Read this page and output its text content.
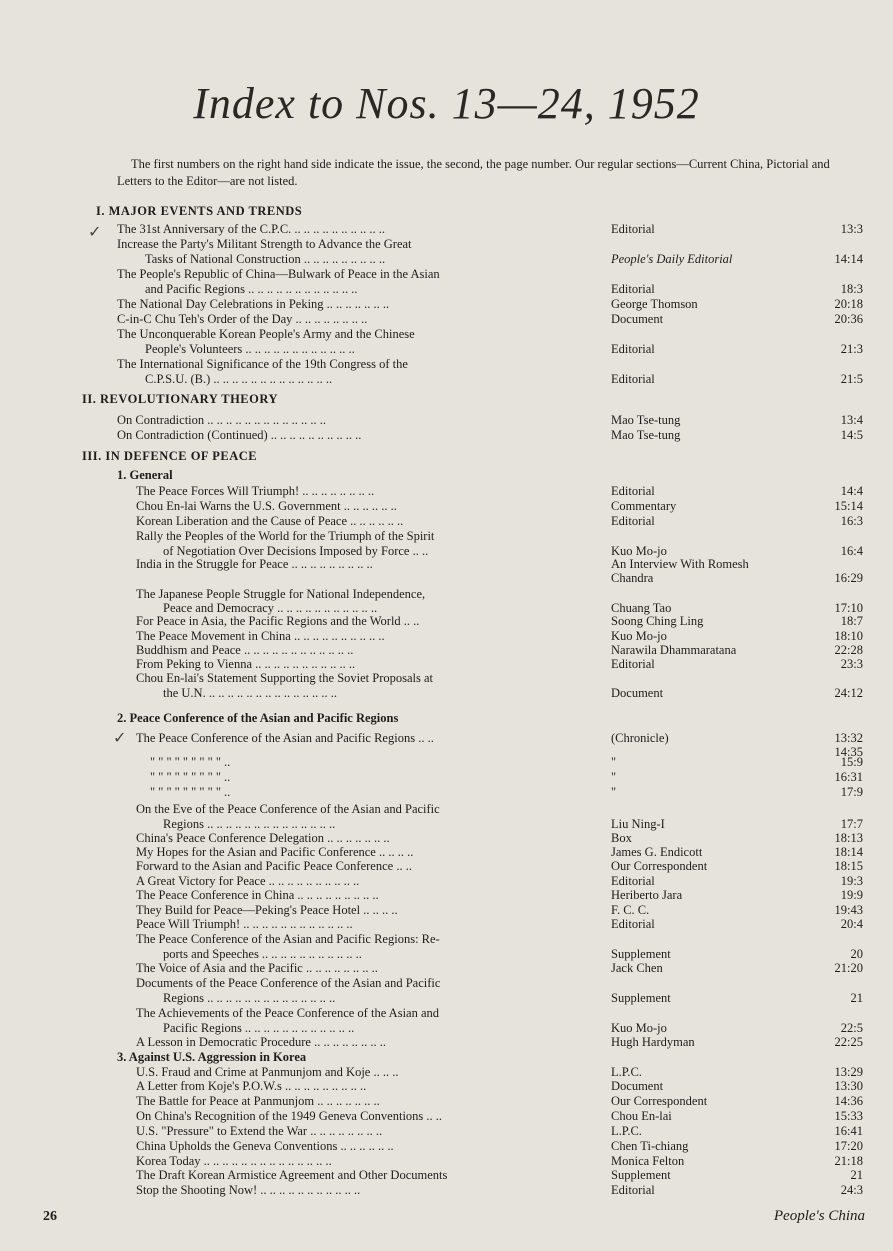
Index to Nos. 13—24, 1952
The first numbers on the right hand side indicate the issue, the second, the page number. Our regular sections—Current China, Pictorial and Letters to the Editor—are not listed.
I. MAJOR EVENTS AND TRENDS
II. REVOLUTIONARY THEORY
III. IN DEFENCE OF PEACE
1. General
2. Peace Conference of the Asian and Pacific Regions
3. Against U.S. Aggression in Korea
✓
✓
The 31st Anniversary of the C.P.C. .. .. .. .. .. .. .. .. .. ..	Editorial	13:3
Increase the Party's Militant Strength to Advance the Great
Tasks of National Construction .. .. .. .. .. .. .. .. ..	People's Daily Editorial	14:14
The People's Republic of China—Bulwark of Peace in the Asian
and Pacific Regions .. .. .. .. .. .. .. .. .. .. .. ..	Editorial	18:3
The National Day Celebrations in Peking .. .. .. .. .. .. ..	George Thomson	20:18
C-in-C Chu Teh's Order of the Day .. .. .. .. .. .. .. ..	Document	20:36
The Unconquerable Korean People's Army and the Chinese
People's Volunteers .. .. .. .. .. .. .. .. .. .. .. ..	Editorial	21:3
The International Significance of the 19th Congress of the
C.P.S.U. (B.) .. .. .. .. .. .. .. .. .. .. .. .. ..	Editorial	21:5
On Contradiction .. .. .. .. .. .. .. .. .. .. .. .. ..	Mao Tse-tung	13:4
On Contradiction (Continued) .. .. .. .. .. .. .. .. .. ..	Mao Tse-tung	14:5
The Peace Forces Will Triumph! .. .. .. .. .. .. .. ..	Editorial	14:4
Chou En-lai Warns the U.S. Government .. .. .. .. .. ..	Commentary	15:14
Korean Liberation and the Cause of Peace .. .. .. .. .. ..	Editorial	16:3
Rally the Peoples of the World for the Triumph of the Spirit
of Negotiation Over Decisions Imposed by Force .. ..	Kuo Mo-jo	16:4
India in the Struggle for Peace .. .. .. .. .. .. .. .. ..	An Interview With Romesh
Chandra	16:29
The Japanese People Struggle for National Independence,
Peace and Democracy .. .. .. .. .. .. .. .. .. .. ..	Chuang Tao	17:10
For Peace in Asia, the Pacific Regions and the World .. ..	Soong Ching Ling	18:7
The Peace Movement in China .. .. .. .. .. .. .. .. .. ..	Kuo Mo-jo	18:10
Buddhism and Peace .. .. .. .. .. .. .. .. .. .. .. ..	Narawila Dhammaratana	22:28
From Peking to Vienna .. .. .. .. .. .. .. .. .. .. ..	Editorial	23:3
Chou En-lai's Statement Supporting the Soviet Proposals at
the U.N. .. .. .. .. .. .. .. .. .. .. .. .. .. ..	Document	24:12
The Peace Conference of the Asian and Pacific Regions .. ..	(Chronicle)	13:32
14:35
" " " " " " " " " ..	"	15:9
" " " " " " " " " ..	"	16:31
" " " " " " " " " ..	"	17:9
On the Eve of the Peace Conference of the Asian and Pacific
Regions .. .. .. .. .. .. .. .. .. .. .. .. .. ..	Liu Ning-I	17:7
China's Peace Conference Delegation .. .. .. .. .. .. ..	Box	18:13
My Hopes for the Asian and Pacific Conference .. .. .. ..	James G. Endicott	18:14
Forward to the Asian and Pacific Peace Conference .. ..	Our Correspondent	18:15
A Great Victory for Peace .. .. .. .. .. .. .. .. .. ..	Editorial	19:3
The Peace Conference in China .. .. .. .. .. .. .. .. ..	Heriberto Jara	19:9
They Build for Peace—Peking's Peace Hotel .. .. .. ..	F. C. C.	19:43
Peace Will Triumph! .. .. .. .. .. .. .. .. .. .. .. ..	Editorial	20:4
The Peace Conference of the Asian and Pacific Regions: Re-
ports and Speeches .. .. .. .. .. .. .. .. .. .. ..	Supplement	20
The Voice of Asia and the Pacific .. .. .. .. .. .. .. ..	Jack Chen	21:20
Documents of the Peace Conference of the Asian and Pacific
Regions .. .. .. .. .. .. .. .. .. .. .. .. .. ..	Supplement	21
The Achievements of the Peace Conference of the Asian and
Pacific Regions .. .. .. .. .. .. .. .. .. .. .. ..	Kuo Mo-jo	22:5
A Lesson in Democratic Procedure .. .. .. .. .. .. .. ..	Hugh Hardyman	22:25
U.S. Fraud and Crime at Panmunjom and Koje .. .. ..	L.P.C.	13:29
A Letter from Koje's P.O.W.s .. .. .. .. .. .. .. .. ..	Document	13:30
The Battle for Peace at Panmunjom .. .. .. .. .. .. ..	Our Correspondent	14:36
On China's Recognition of the 1949 Geneva Conventions .. ..	Chou En-lai	15:33
U.S. "Pressure" to Extend the War .. .. .. .. .. .. .. ..	L.P.C.	16:41
China Upholds the Geneva Conventions .. .. .. .. .. ..	Chen Ti-chiang	17:20
Korea Today .. .. .. .. .. .. .. .. .. .. .. .. .. ..	Monica Felton	21:18
The Draft Korean Armistice Agreement and Other Documents	Supplement	21
Stop the Shooting Now! .. .. .. .. .. .. .. .. .. .. ..	Editorial	24:3
26	People's China
